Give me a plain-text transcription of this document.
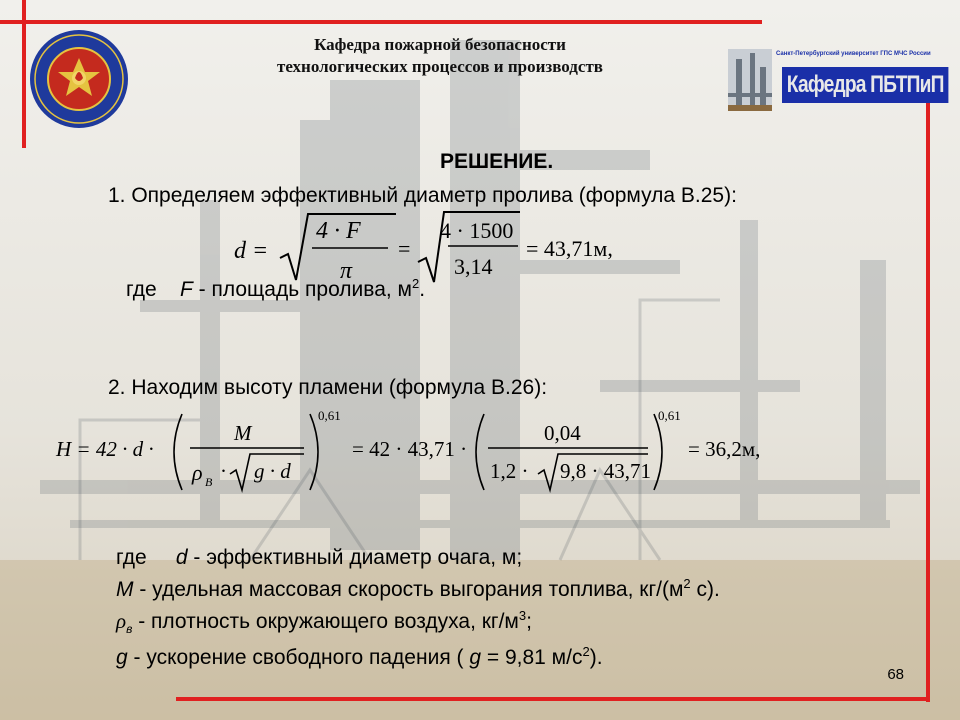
Кафедра пожарной безопасности
технологических процессов и производств
Санкт-Петербургский университет ГПС МЧС России
Кафедра ПБТПиП
РЕШЕНИЕ.
1. Определяем эффективный диаметр пролива (формула В.25):
d =
4 · F
π
=
4 · 1500
3,14
= 43,71м,
где F - площадь пролива, $м^2$.
2. Находим высоту пламени (формула В.26):
H = 42 · d ·
M
ρ В · g · d
0,61
= 42 · 43,71 ·
0,04
1,2 · 9,8 · 43,71
0,61
= 36,2м,
где d - эффективный диаметр очага, м;
M - удельная массовая скорость выгорания топлива, $кг/(м^2$ с).
$\rho_в$ - плотность окружающего воздуха, $кг/м^3$;
g - ускорение свободного падения ( g = 9,81 $м/с^2$).
68
